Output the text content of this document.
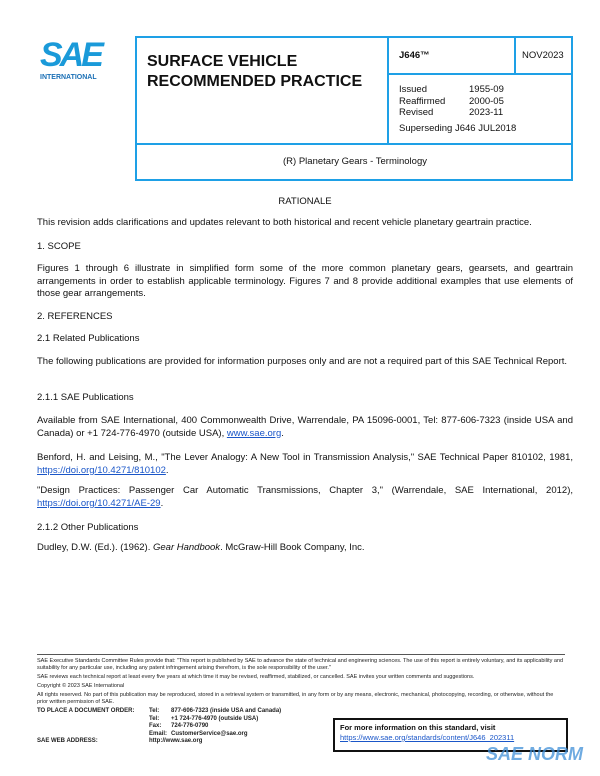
SAE
INTERNATIONAL
SURFACE VEHICLE
RECOMMENDED PRACTICE
J646™	NOV2023
Issued	1955-09
Reaffirmed 2000-05
Revised	2023-11
Superseding J646 JUL2018
(R) Planetary Gears - Terminology

RATIONALE

This revision adds clarifications and updates relevant to both historical and recent vehicle planetary geartrain practice.

1. SCOPE

Figures 1 through 6 illustrate in simplified form some of the more common planetary gears, gearsets, and geartrain arrangements in order to establish applicable terminology. Figures 7 and 8 provide additional examples that use elements of those gear arrangements.

2. REFERENCES

2.1 Related Publications

The following publications are provided for information purposes only and are not a required part of this SAE Technical Report.

2.1.1 SAE Publications

Available from SAE International, 400 Commonwealth Drive, Warrendale, PA 15096-0001, Tel: 877-606-7323 (inside USA and Canada) or +1 724-776-4970 (outside USA), www.sae.org.

Benford, H. and Leising, M., "The Lever Analogy: A New Tool in Transmission Analysis," SAE Technical Paper 810102, 1981, https://doi.org/10.4271/810102.

"Design Practices: Passenger Car Automatic Transmissions, Chapter 3," (Warrendale, SAE International, 2012), https://doi.org/10.4271/AE-29.

2.1.2 Other Publications

Dudley, D.W. (Ed.). (1962). Gear Handbook. McGraw-Hill Book Company, Inc.

SAE Executive Standards Committee Rules provide that: "This report is published by SAE to advance the state of technical and engineering sciences. The use of this report is entirely voluntary, and its applicability and suitability for any particular use, including any patent infringement arising therefrom, is the sole responsibility of the user."
SAE reviews each technical report at least every five years at which time it may be revised, reaffirmed, stabilized, or cancelled. SAE invites your written comments and suggestions.
Copyright © 2023 SAE International
All rights reserved. No part of this publication may be reproduced, stored in a retrieval system or transmitted, in any form or by any means, electronic, mechanical, photocopying, recording, or otherwise, without the prior written permission of SAE.
TO PLACE A DOCUMENT ORDER:	Tel:	877-606-7323 (inside USA and Canada)
Tel:	+1 724-776-4970 (outside USA)
Fax:	724-776-0790
Email: CustomerService@sae.org
SAE WEB ADDRESS:	http://www.sae.org
For more information on this standard, visit
https://www.sae.org/standards/content/J646_202311
SAE NORM
